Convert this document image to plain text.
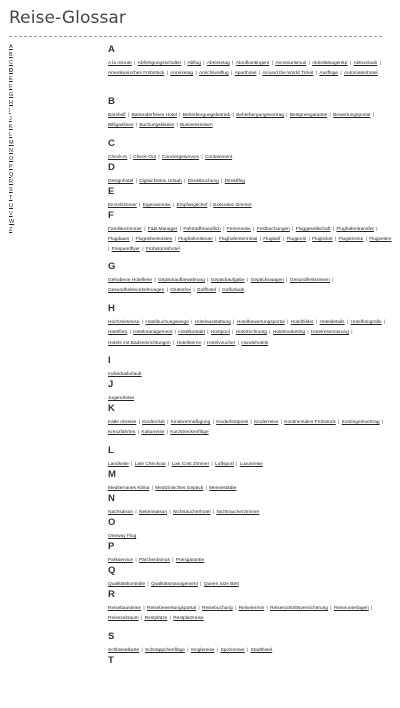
Reise-Glossar
A
B
C
D
E
F
G
H
I
J
K
L
M
N
O
P
Q
R
S
T
U
V
W
Z
A
A la minute | Abfertigungsschalter | Abflug | Abreisetag | Abrufkontingent | Aerotourismus | Aktivitätsagentur | Aktivurlaub | Amerikanisches Frühstück | Anreisetag | Anschlussflug | Aparthotel | Around the World Ticket | Ausflüge | Automatenhotel
B
Barshelf | Bartenderfreies Hotel | Beherbergungsbetrieb | Beherbergungsvertrag | Bestpreisgarantie | Bewertungsportal | Billigairlines | Buchungsklasse | Businessreisen
C
Check-In | Check-Out | Conciergeservice | Containment
D
Designhotel | Digital Detox Urlaub | Direktbuchung | Direktflug
E
Einzelzimmer | Eigenanreise | Empfangschef | Executive Zimmer
F
Familienzimmer | F&B Manager | Fahrradfreundlich | Ferienreise | Festbuchungen | Fluggesellschaft | Flughafentransfer | Flugdauer | Flugnebenkosten | Flughafensteuer | Flughafenterminal | Flugtarif | Flugpreis | Flugticket | Flugstrecke | Flugzeiten | Frequentflyer | Frühstückshotel
G
Gehobene Hotellerie | Gepäckaufbewahrung | Gepäckaufgabe | Gepäckwaagen | Gesundheitsreisen | Gesundheitsvorkehrungen | Glutenfrei | Golfhotel | Golfurlaub
H
Hochzeitsreise | Hotelbuchungswege | Hotelausstattung | Hotelbewertungsportal | Hotelbilder | Hoteldetails | Hotelfotografie | Hotelfoto | Hotelmanagement | Hotelkontakt | Hostpool | Hotelrechnung | Hotelmarketing | Hotelreservierung | Hotels mit Badeeinrichtungen | Hotelsterne | Hotelvoucher | Hundehotels
I
Individualurlaub
J
Jugendreise
K
Kalte Abreise | Kinderclub | Kinderermäßigung | Kinderfestpreis | Kinderreise | Kontinentales Frühstück | Kontingentvertrag | Kreuzfahrten | Kulturreise | Kurzstreckenflüge
L
Landseite | Late Checkout | Low Cost Zimmer | Luftsport | Luxusreise
M
Mediterranes Klima | Medizinisches Gepäck | Messestädte
N
Nachsaison | Nebensaison | Nichtraucherhotel | Nichtraucherzimmer
O
Oneway Flug
P
Parkservice | Pärchenbonus | Preisgarantie
Q
Qualitätskontrolle | Qualitätsmanagement | Queen Size Bett
R
Reisebausteine | Reisebewertungsportal | Reisebuchung | Reisetermin | Reiserücktrittsversicherung | Reiseunterlagen | Reisezeitraum | Restplätze | Restplatzreise
S
Schlüsselkarte | Schnäppchenflüge | Singlereise | Spezimmer | Stadthotel
T
